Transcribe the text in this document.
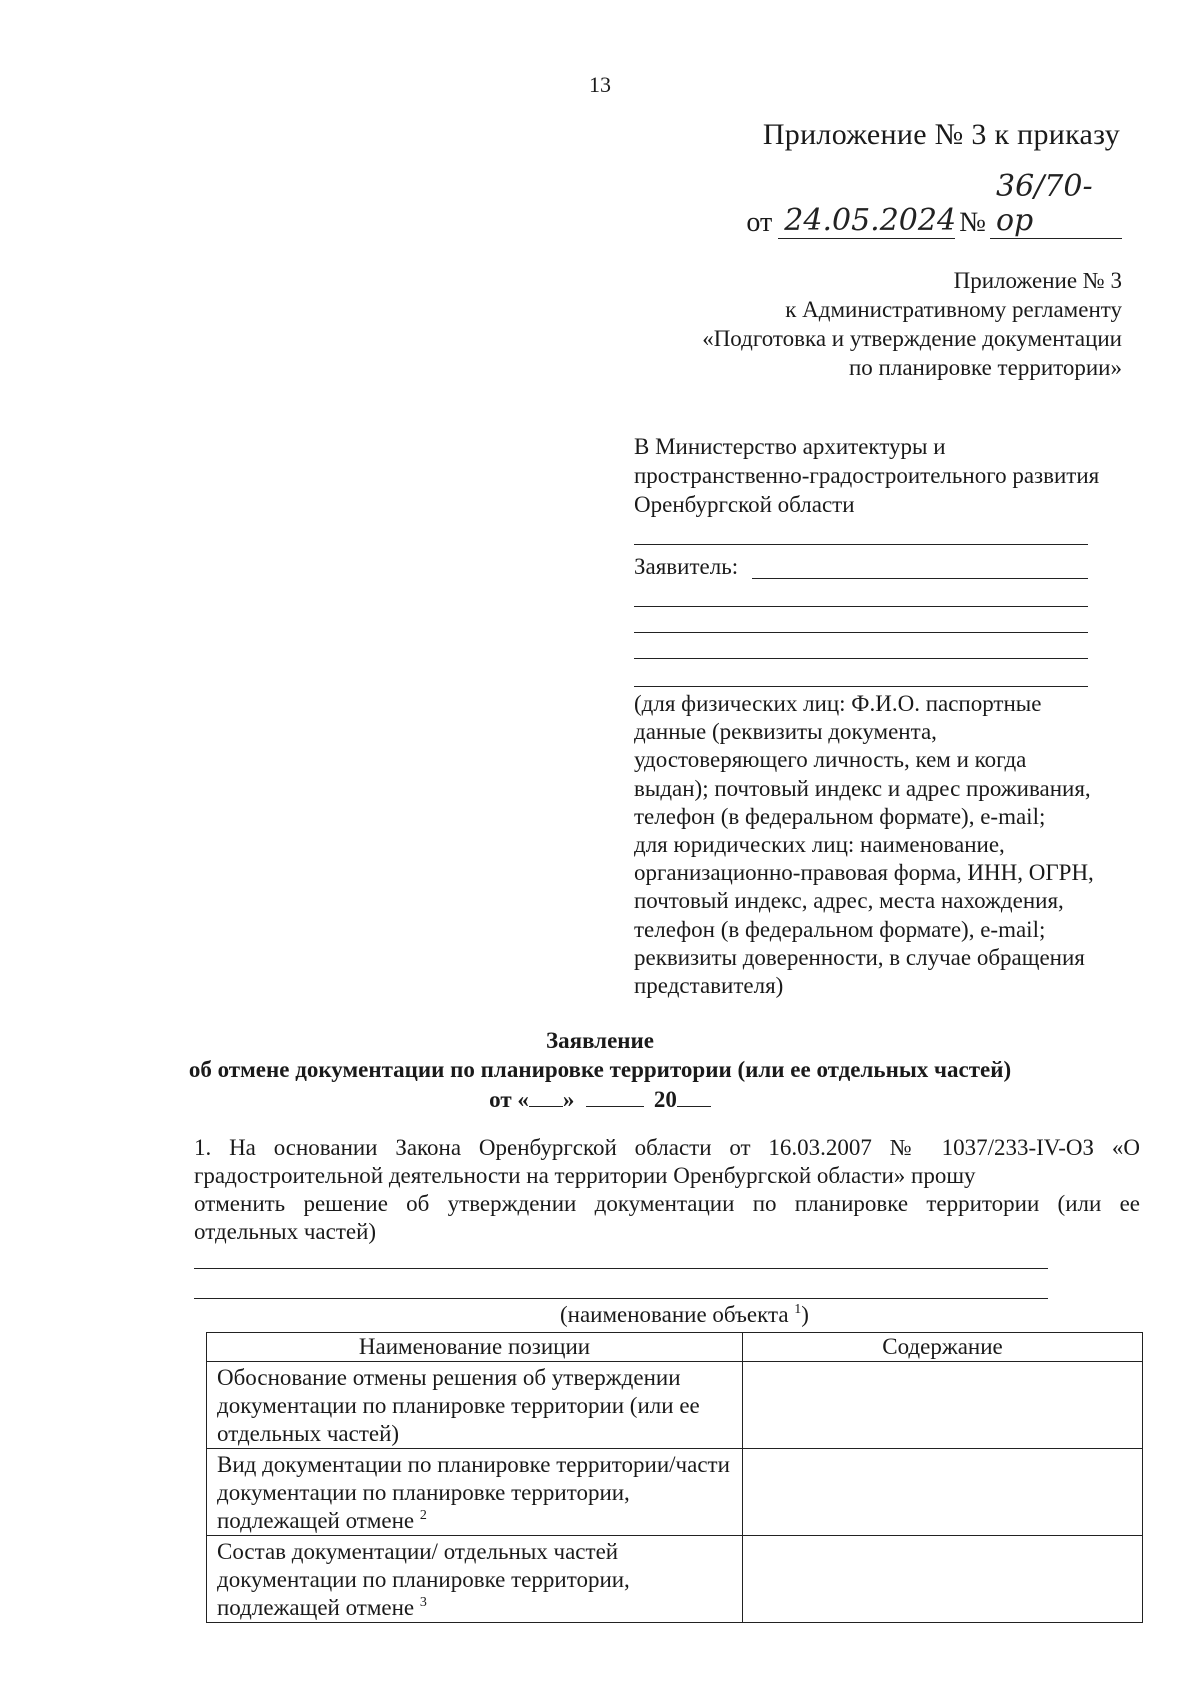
13
Приложение № 3 к приказу
от 24.05.2024 №
36/70-ор
Приложение № 3
к Административному регламенту
«Подготовка и утверждение документации
по планировке территории»
В Министерство архитектуры и
пространственно-градостроительного развития
Оренбургской области
Заявитель:
(для физических лиц: Ф.И.О. паспортные
данные (реквизиты документа,
удостоверяющего личность, кем и когда
выдан); почтовый индекс и адрес проживания,
телефон (в федеральном формате), e-mail;
для юридических лиц: наименование,
организационно-правовая форма, ИНН, ОГРН,
почтовый индекс, адрес, места нахождения,
телефон (в федеральном формате), e-mail;
реквизиты доверенности, в случае обращения
представителя)
Заявление
об отмене документации по планировке территории (или ее отдельных частей)
от « »	20
1. На основании Закона Оренбургской области от 16.03.2007 № 1037/233-IV-ОЗ «О
градостроительной деятельности на территории Оренбургской области» прошу
отменить решение об утверждении документации по планировке территории (или ее
отдельных частей)
(наименование объекта $^1$)
Наименование позиции	Содержание
Обоснование отмены решения об утверждении документации по планировке территории (или ее отдельных частей)	
Вид документации по планировке территории/части документации по планировке территории, подлежащей отмене $^2$	
Состав документации/ отдельных частей документации по планировке территории, подлежащей отмене $^3$	
